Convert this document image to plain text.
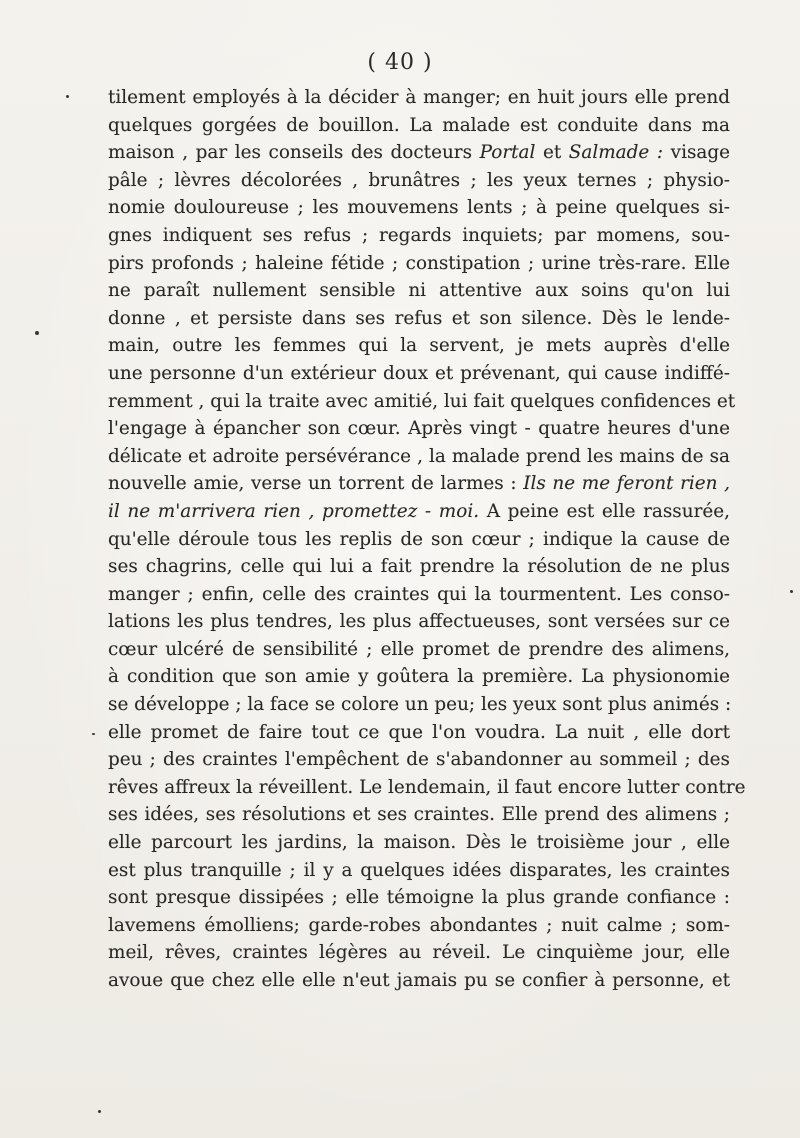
( 40 )
tilement employés à la décider à manger; en huit jours elle prend
quelques gorgées de bouillon. La malade est conduite dans ma
maison , par les conseils des docteurs Portal et Salmade : visage
pâle ; lèvres décolorées , brunâtres ; les yeux ternes ; physio-
nomie douloureuse ; les mouvemens lents ; à peine quelques si-
gnes indiquent ses refus ; regards inquiets; par momens, sou-
pirs profonds ; haleine fétide ; constipation ; urine très-rare. Elle
ne paraît nullement sensible ni attentive aux soins qu'on lui
donne , et persiste dans ses refus et son silence. Dès le lende-
main, outre les femmes qui la servent, je mets auprès d'elle
une personne d'un extérieur doux et prévenant, qui cause indiffé-
remment , qui la traite avec amitié, lui fait quelques confidences et
l'engage à épancher son cœur. Après vingt - quatre heures d'une
délicate et adroite persévérance , la malade prend les mains de sa
nouvelle amie, verse un torrent de larmes : Ils ne me feront rien ,
il ne m'arrivera rien , promettez - moi. A peine est elle rassurée,
qu'elle déroule tous les replis de son cœur ; indique la cause de
ses chagrins, celle qui lui a fait prendre la résolution de ne plus
manger ; enfin, celle des craintes qui la tourmentent. Les conso-
lations les plus tendres, les plus affectueuses, sont versées sur ce
cœur ulcéré de sensibilité ; elle promet de prendre des alimens,
à condition que son amie y goûtera la première. La physionomie
se développe ; la face se colore un peu; les yeux sont plus animés :
elle promet de faire tout ce que l'on voudra. La nuit , elle dort
peu ; des craintes l'empêchent de s'abandonner au sommeil ; des
rêves affreux la réveillent. Le lendemain, il faut encore lutter contre
ses idées, ses résolutions et ses craintes. Elle prend des alimens ;
elle parcourt les jardins, la maison. Dès le troisième jour , elle
est plus tranquille ; il y a quelques idées disparates, les craintes
sont presque dissipées ; elle témoigne la plus grande confiance :
lavemens émolliens; garde-robes abondantes ; nuit calme ; som-
meil, rêves, craintes légères au réveil. Le cinquième jour, elle
avoue que chez elle elle n'eut jamais pu se confier à personne, et
